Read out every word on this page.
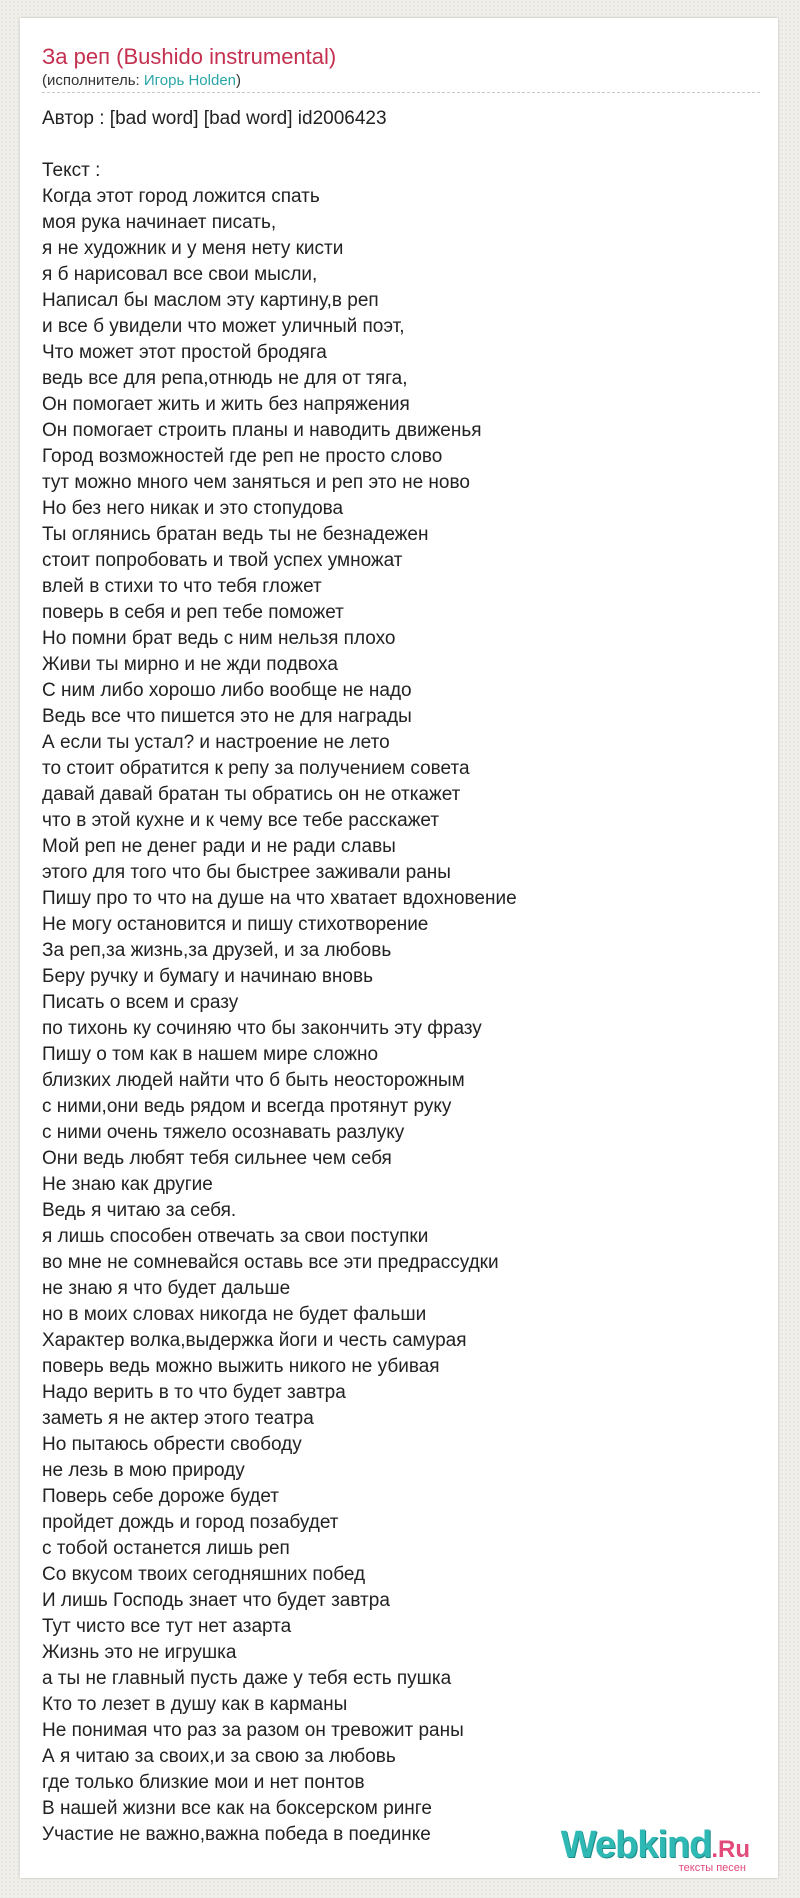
За реп (Bushido instrumental)
(исполнитель: Игорь Holden)
Автор : [bad word] [bad word] id2006423
Текст :
Когда этот город ложится спать
моя рука начинает писать,
я не художник и у меня нету кисти
я б нарисовал все свои мысли,
Написал бы маслом эту картину,в реп
и все б увидели что может уличный поэт,
Что может этот простой бродяга
ведь все для репа,отнюдь не для от тяга,
Он помогает жить и жить без напряжения
Он помогает строить планы и наводить движенья
Город возможностей где реп не просто слово
тут можно много чем заняться и реп это не ново
Но без него никак и это стопудова
Ты оглянись братан ведь ты не безнадежен
стоит попробовать и твой успех умножат
влей в стихи то что тебя гложет
поверь в себя и реп тебе поможет
Но помни брат ведь с ним нельзя плохо
Живи ты мирно и не жди подвоха
С ним либо хорошо либо вообще не надо
Ведь все что пишется это не для награды
А если ты устал? и настроение не лето
то стоит обратится к репу за получением совета
давай давай братан ты обратись он не откажет
что в этой кухне и к чему все тебе расскажет
Мой реп не денег ради и не ради славы
этого для того что бы быстрее заживали раны
Пишу про то что на душе на что хватает вдохновение
Не могу остановится и пишу стихотворение
За реп,за жизнь,за друзей, и за любовь
Беру ручку и бумагу и начинаю вновь
Писать о всем и сразу
по тихонь ку сочиняю что бы закончить эту фразу
Пишу о том как в нашем мире сложно
близких людей найти что б быть неосторожным
с ними,они ведь рядом и всегда протянут руку
с ними очень тяжело осознавать разлуку
Они ведь любят тебя сильнее чем себя
Не знаю как другие
Ведь я читаю за себя.
я лишь способен отвечать за свои поступки
во мне не сомневайся оставь все эти предрассудки
не знаю я что будет дальше
но в моих словах никогда не будет фальши
Характер волка,выдержка йоги и честь самурая
поверь ведь можно выжить никого не убивая
Надо верить в то что будет завтра
заметь я не актер этого театра
Но пытаюсь обрести свободу
не лезь в мою природу
Поверь себе дороже будет
пройдет дождь и город позабудет
с тобой останется лишь реп
Со вкусом твоих сегодняшних побед
И лишь Господь знает что будет завтра
Тут чисто все тут нет азарта
Жизнь это не игрушка
а ты не главный пусть даже у тебя есть пушка
Кто то лезет в душу как в карманы
Не понимая что раз за разом он тревожит раны
А я читаю за своих,и за свою за любовь
где только близкие мои и нет понтов
В нашей жизни все как на боксерском ринге
Участие не важно,важна победа в поединке	Webkind.Ru
тексты песен
